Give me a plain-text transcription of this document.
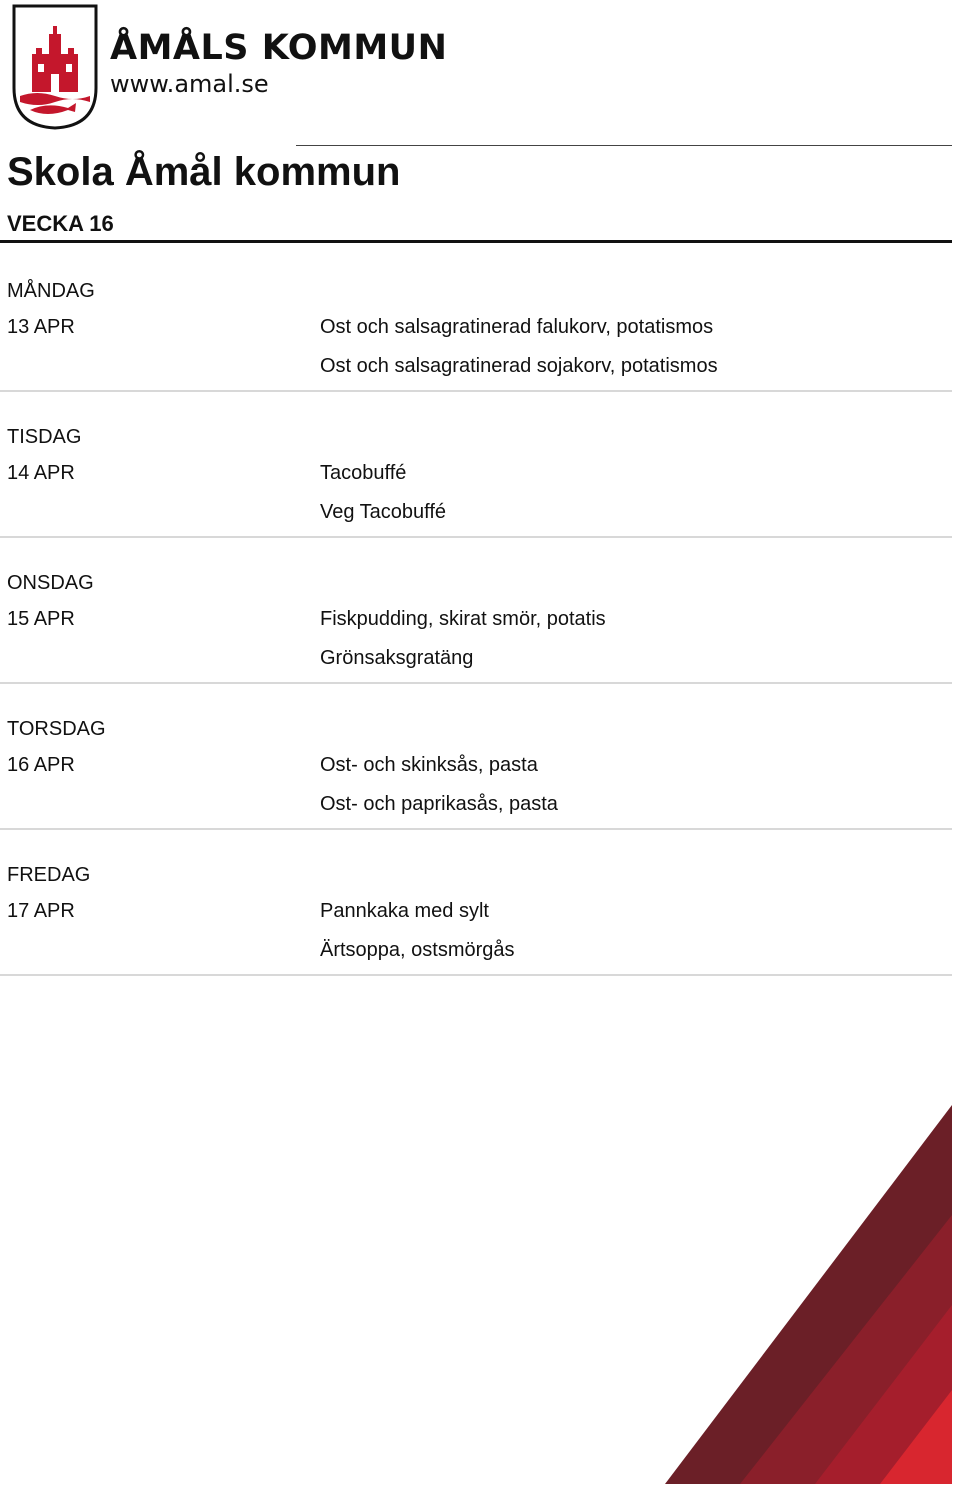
ÅMÅLS KOMMUN
www.amal.se
Skola Åmål kommun
VECKA 16
MÅNDAG
13 APR	Ost och salsagratinerad falukorv, potatismos
Ost och salsagratinerad sojakorv, potatismos
TISDAG
14 APR	Tacobuffé
Veg Tacobuffé
ONSDAG
15 APR	Fiskpudding, skirat smör, potatis
Grönsaksgratäng
TORSDAG
16 APR	Ost- och skinksås, pasta
Ost- och paprikasås, pasta
FREDAG
17 APR	Pannkaka med sylt
Ärtsoppa, ostsmörgås
